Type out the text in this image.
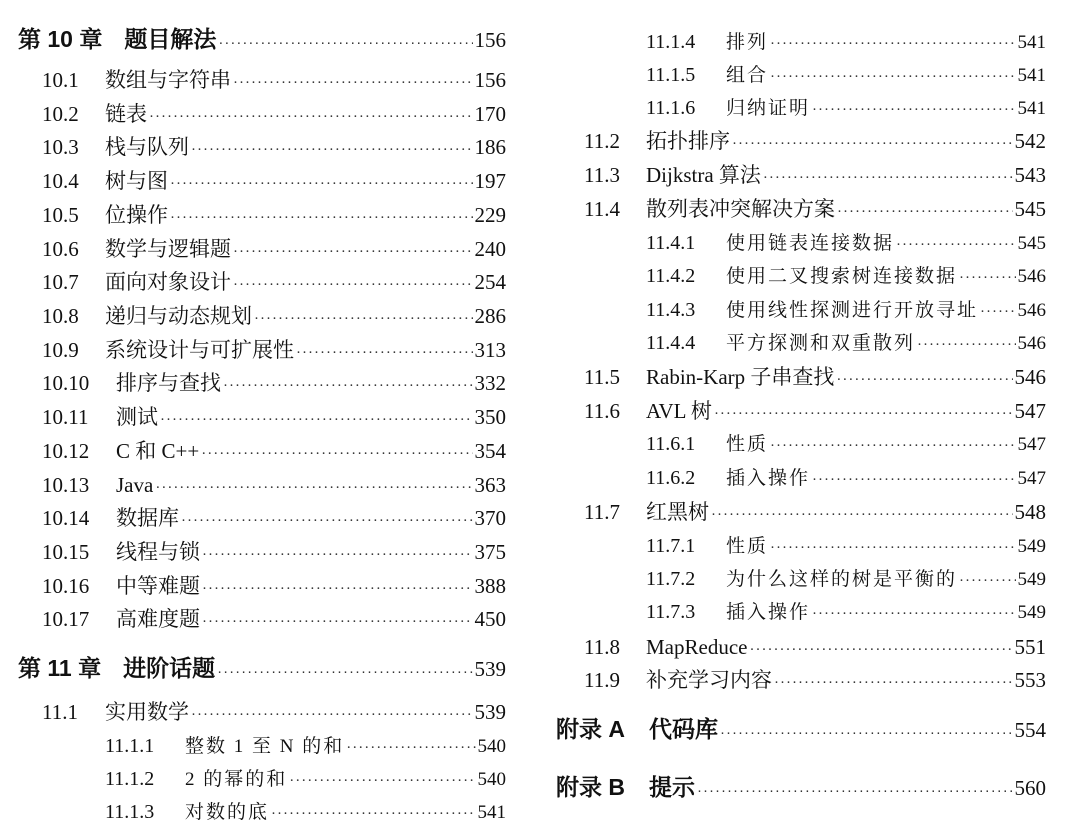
第 10 章 题目解法 ·····	156
10.1	数组与字符串 ·····	156
10.2	链表 ·····	170
10.3	栈与队列 ·····	186
10.4	树与图 ·····	197
10.5	位操作 ·····	229
10.6	数学与逻辑题 ·····	240
10.7	面向对象设计 ·····	254
10.8	递归与动态规划 ·····	286
10.9	系统设计与可扩展性 ·····	313
10.10	排序与查找 ·····	332
10.11	测试 ·····	350
10.12	C 和 C++ ·····	354
10.13	Java ·····	363
10.14	数据库 ·····	370
10.15	线程与锁 ·····	375
10.16	中等难题 ·····	388
10.17	高难度题 ·····	450
第 11 章 进阶话题 ·····	539
11.1	实用数学 ·····	539
11.1.1	整数 1 至 N 的和 ·····	540
11.1.2	2 的幂的和 ·····	540
11.1.3	对数的底 ·····	541
11.1.4	排列 ·····	541
11.1.5	组合 ·····	541
11.1.6	归纳证明 ·····	541
11.2	拓扑排序 ·····	542
11.3	Dijkstra 算法 ·····	543
11.4	散列表冲突解决方案 ·····	545
11.4.1	使用链表连接数据 ·····	545
11.4.2	使用二叉搜索树连接数据 ·····	546
11.4.3	使用线性探测进行开放寻址 ····· 546
11.4.4	平方探测和双重散列 ·····	546
11.5	Rabin-Karp 子串查找 ·····	546
11.6	AVL 树 ·····	547
11.6.1	性质 ·····	547
11.6.2	插入操作 ·····	547
11.7	红黑树 ·····	548
11.7.1	性质 ·····	549
11.7.2	为什么这样的树是平衡的 ·····	549
11.7.3	插入操作 ·····	549
11.8	MapReduce ·····	551
11.9	补充学习内容 ·····	553
附录 A 代码库 ·····	554
附录 B 提示 ·····	560
